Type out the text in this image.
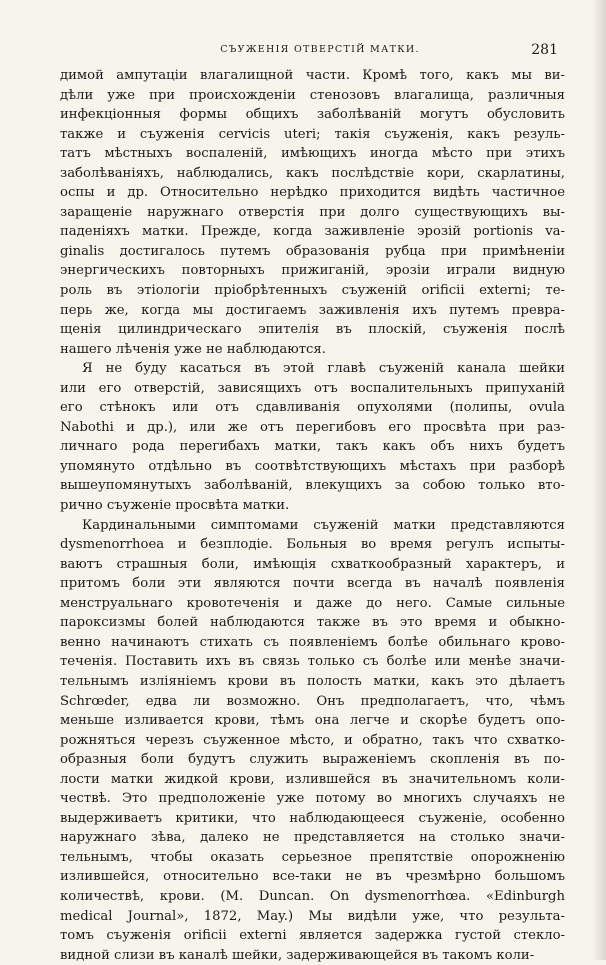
СЪУЖЕНІЯ ОТВЕРСТІЙ МАТКИ.	281
димой ампутаціи влагалищной части. Кромѣ того, какъ мы ви-
дѣли уже при происхожденіи стенозовъ влагалища, различныя
инфекціонныя формы общихъ заболѣваній могутъ обусловить
также и съуженія cervicis uteri; такія съуженія, какъ резуль-
татъ мѣстныхъ воспаленій, имѣющихъ иногда мѣсто при этихъ
заболѣваніяхъ, наблюдались, какъ послѣдствіе кори, скарлатины,
оспы и др. Относительно нерѣдко приходится видѣть частичное
заращеніе наружнаго отверстія при долго существующихъ вы-
падeніяхъ матки. Прежде, когда заживленіе эрозій portionis va-
ginalis достигалось путемъ образованія рубца при примѣненіи
энергическихъ повторныхъ прижиганій, эрозіи играли видную
роль въ этіологіи пріобрѣтенныхъ съуженій orificii externi; те-
перь же, когда мы достигаемъ заживленія ихъ путемъ превра-
щенія цилиндрическаго эпителія въ плоскій, съуженія послѣ
нашего лѣченія уже не наблюдаются.
Я не буду касаться въ этой главѣ съуженій канала шейки
или его отверстій, зависящихъ отъ воспалительныхъ припуханій
его стѣнокъ или отъ сдавливанія опухолями (полипы, ovula
Nabothi и др.), или же отъ перегибовъ его просвѣта при раз-
личнаго рода перегибахъ матки, такъ какъ объ нихъ будетъ
упомянуто отдѣльно въ соотвѣтствующихъ мѣстахъ при разборѣ
вышеупомянутыхъ заболѣваній, влекущихъ за собою только вто-
рично съуженіе просвѣта матки.
Кардинальными симптомами съуженій матки представляются
dysmenorrhoea и безплодіе. Больныя во время регулъ испыты-
ваютъ страшныя боли, имѣющія схваткообразный характеръ, и
притомъ боли эти являются почти всегда въ началѣ появленія
менструальнаго кровотеченія и даже до него. Самые сильные
пароксизмы болей наблюдаются также въ это время и обыкно-
венно начинаютъ стихать съ появленіемъ болѣе обильнаго крово-
теченія. Поставить ихъ въ связь только съ болѣе или менѣе значи-
тельнымъ изліяніемъ крови въ полость матки, какъ это дѣлаетъ
Schrœder, едва ли возможно. Онъ предполагаетъ, что, чѣмъ
меньше изливается крови, тѣмъ она легче и скорѣе будетъ опо-
рожняться черезъ съуженное мѣсто, и обратно, такъ что схватко-
образныя боли будутъ служить выраженіемъ скопленія въ по-
лости матки жидкой крови, излившейся въ значительномъ коли-
чествѣ. Это предположеніе уже потому во многихъ случаяхъ не
выдерживаетъ критики, что наблюдающееся съуженіе, особенно
наружнаго зѣва, далеко не представляется на столько значи-
тельнымъ, чтобы оказать серьезное препятствіе опорожненію
излившейся, относительно все-таки не въ чрезмѣрно большомъ
количествѣ, крови. (M. Duncan. On dysmenorrhœa. «Edinburgh
medical Journal», 1872, May.) Мы видѣли уже, что результа-
томъ съуженія orificii externi является задержка густой стекло-
видной слизи въ каналѣ шейки, задерживающейся въ такомъ коли-
